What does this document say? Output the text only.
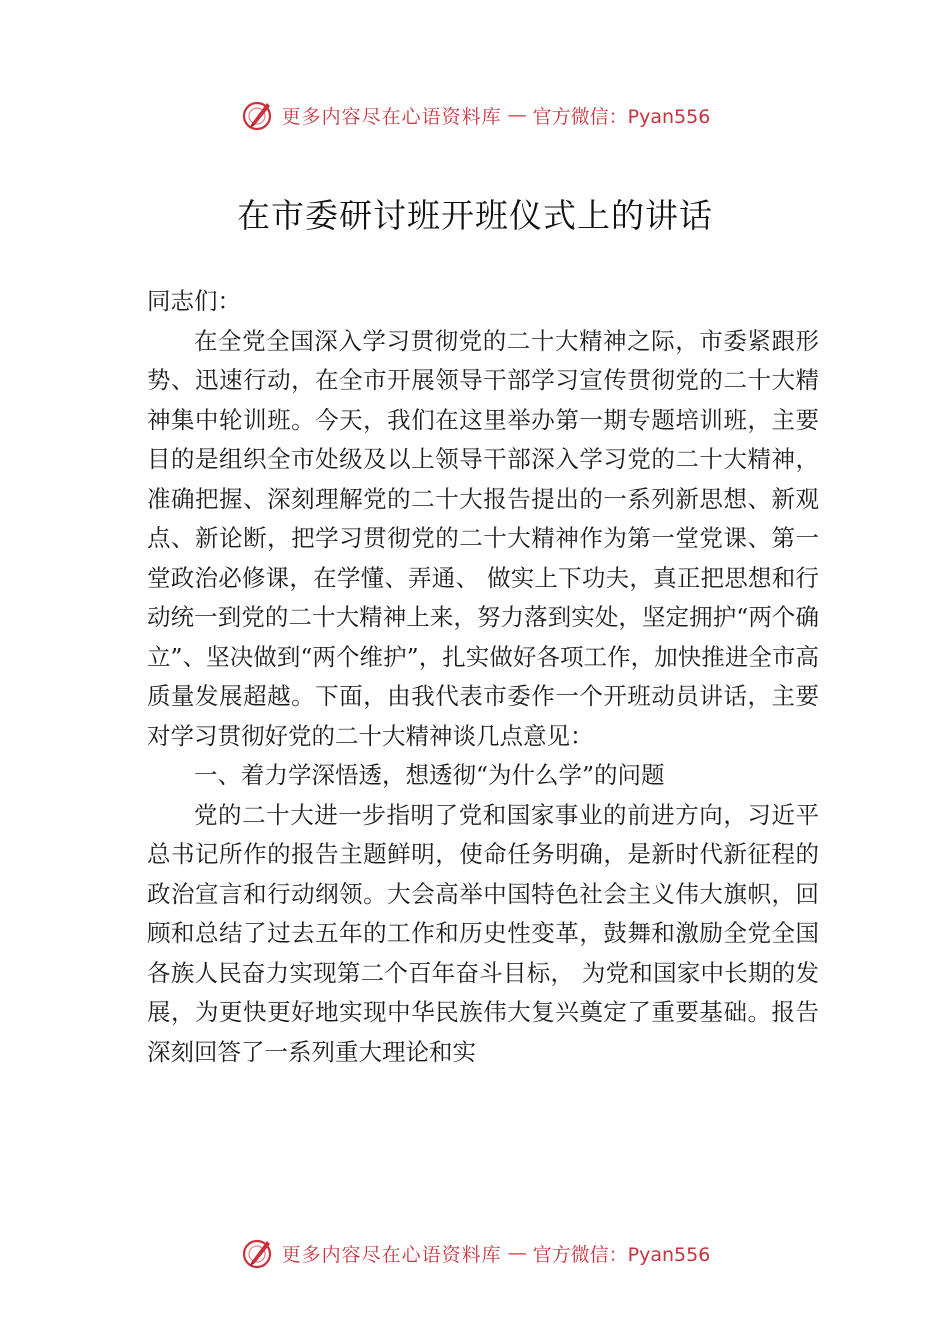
更多内容尽在心语资料库 — 官方微信：Pyan556
在市委研讨班开班仪式上的讲话

同志们：

在全党全国深入学习贯彻党的二十大精神之际，市委紧跟形势、迅速行动，在全市开展领导干部学习宣传贯彻党的二十大精神集中轮训班。今天，我们在这里举办第一期专题培训班，主要目的是组织全市处级及以上领导干部深入学习党的二十大精神，准确把握、深刻理解党的二十大报告提出的一系列新思想、新观点、新论断，把学习贯彻党的二十大精神作为第一堂党课、第一堂政治必修课，在学懂、弄通、 做实上下功夫，真正把思想和行动统一到党的二十大精神上来，努力落到实处，坚定拥护“两个确立”、坚决做到“两个维护”，扎实做好各项工作，加快推进全市高质量发展超越。下面，由我代表市委作一个开班动员讲话，主要对学习贯彻好党的二十大精神谈几点意见：

一、着力学深悟透，想透彻“为什么学”的问题

党的二十大进一步指明了党和国家事业的前进方向，习近平总书记所作的报告主题鲜明，使命任务明确，是新时代新征程的政治宣言和行动纲领。大会高举中国特色社会主义伟大旗帜，回顾和总结了过去五年的工作和历史性变革，鼓舞和激励全党全国各族人民奋力实现第二个百年奋斗目标， 为党和国家中长期的发展，为更快更好地实现中华民族伟大复兴奠定了重要基础。报告深刻回答了一系列重大理论和实

更多内容尽在心语资料库 — 官方微信：Pyan556
